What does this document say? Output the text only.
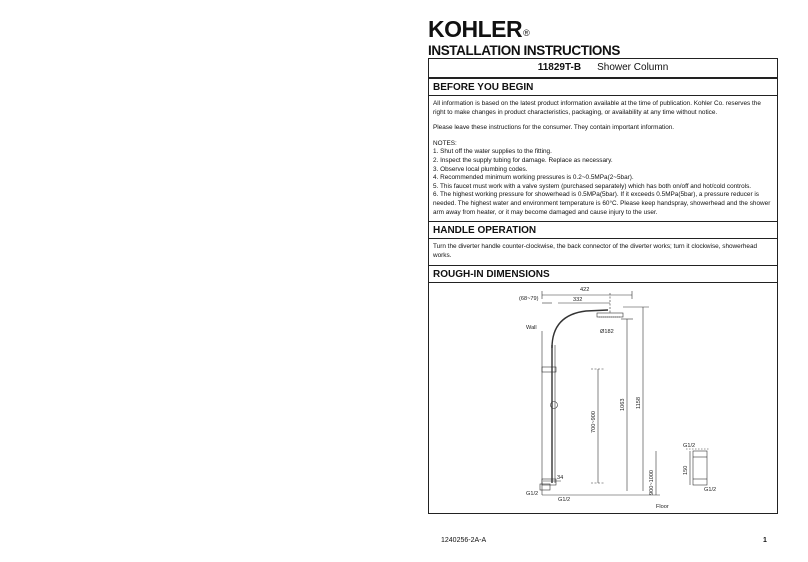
KOHLER®
INSTALLATION INSTRUCTIONS
11829T-B Shower Column
BEFORE YOU BEGIN

All information is based on the latest product information available at the time of publication. Kohler Co. reserves the right to make changes in product characteristics, packaging, or availability at any time without notice.

Please leave these instructions for the consumer. They contain important information.

NOTES:

1. Shut off the water supplies to the fitting.

2. Inspect the supply tubing for damage. Replace as necessary.

3. Observe local plumbing codes.

4. Recommended minimum working pressures is 0.2~0.5MPa(2~5bar).

5. This faucet must work with a valve system (purchased separately) which has both on/off and hot/cold controls.

6. The highest working pressure for showerhead is 0.5MPa(5bar). If it exceeds 0.5MPa(5bar), a pressure reducer is needed. The highest water and environment temperature is 60°C. Please keep handspray, showerhead and the shower arm away from heater, or it may become damaged and cause injury to the user.

HANDLE OPERATION
Turn the diverter handle counter-clockwise, the back connector of the diverter works; turn it clockwise, showerhead works.
ROUGH-IN DIMENSIONS
422
(68~79)	332
Wall
Ø182
700~900
1063 1158
34
G1/2
G1/2
900~1000
Floor
G1/2
150
G1/2
1240256-2A-A	1
